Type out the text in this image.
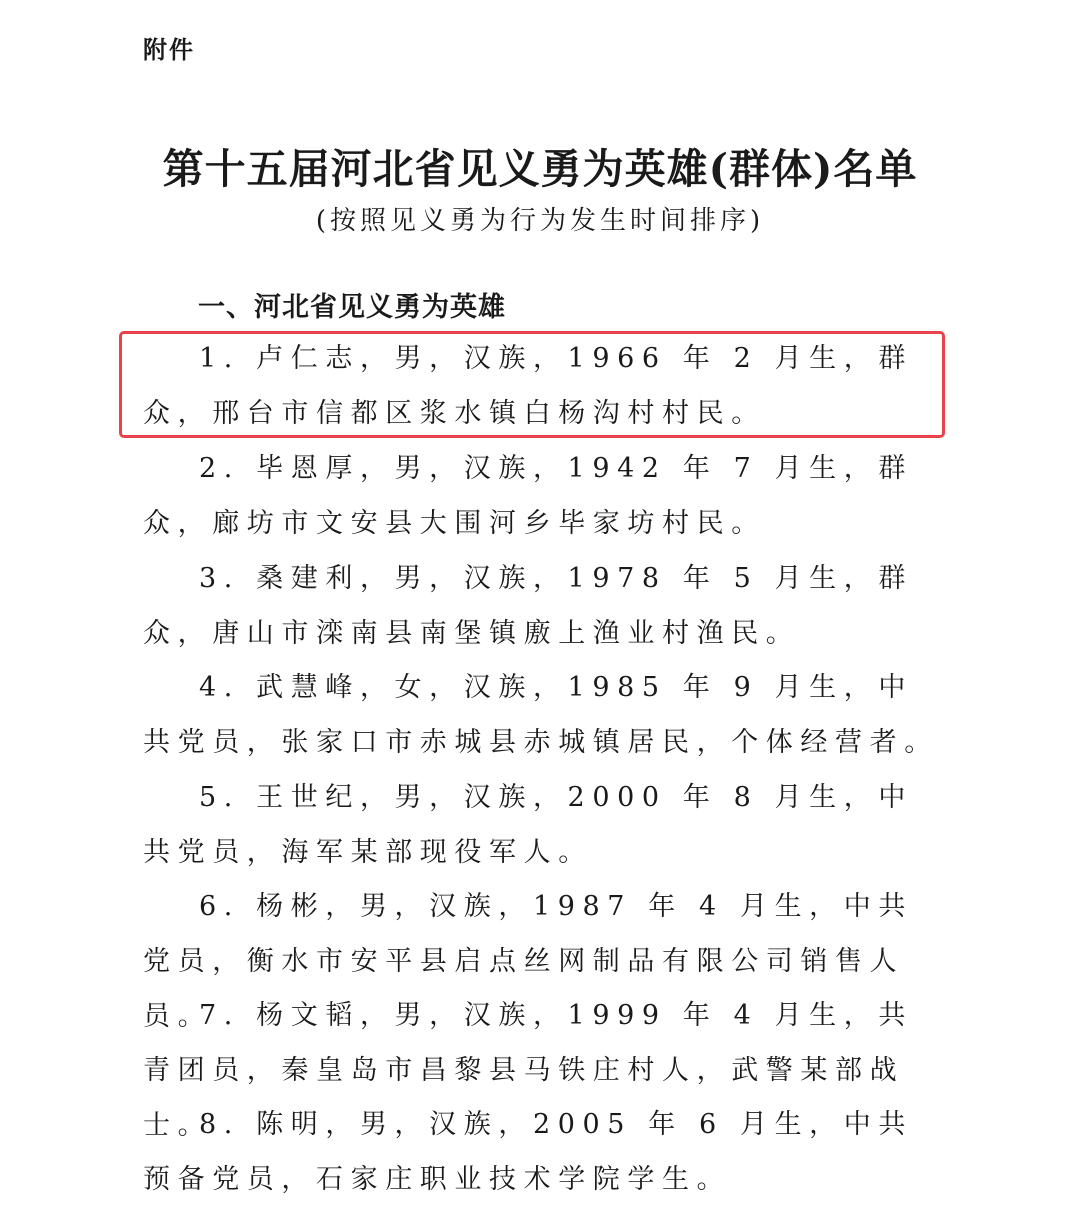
附件
第十五届河北省见义勇为英雄(群体)名单
(按照见义勇为行为发生时间排序)
一、河北省见义勇为英雄
1. 卢仁志，男，汉族，1966 年 2 月生，群众，邢台市信都区浆水镇白杨沟村村民。
2. 毕恩厚，男，汉族，1942 年 7 月生，群众，廊坊市文安县大围河乡毕家坊村民。
3. 桑建利，男，汉族，1978 年 5 月生，群众，唐山市滦南县南堡镇廒上渔业村渔民。
4. 武慧峰，女，汉族，1985 年 9 月生，中共党员，张家口市赤城县赤城镇居民，个体经营者。
5. 王世纪，男，汉族，2000 年 8 月生，中共党员，海军某部现役军人。
6. 杨彬，男，汉族，1987 年 4 月生，中共党员，衡水市安平县启点丝网制品有限公司销售人员。
7. 杨文韬，男，汉族，1999 年 4 月生，共青团员，秦皇岛市昌黎县马铁庄村人，武警某部战士。
8. 陈明，男，汉族，2005 年 6 月生，中共预备党员，石家庄职业技术学院学生。
